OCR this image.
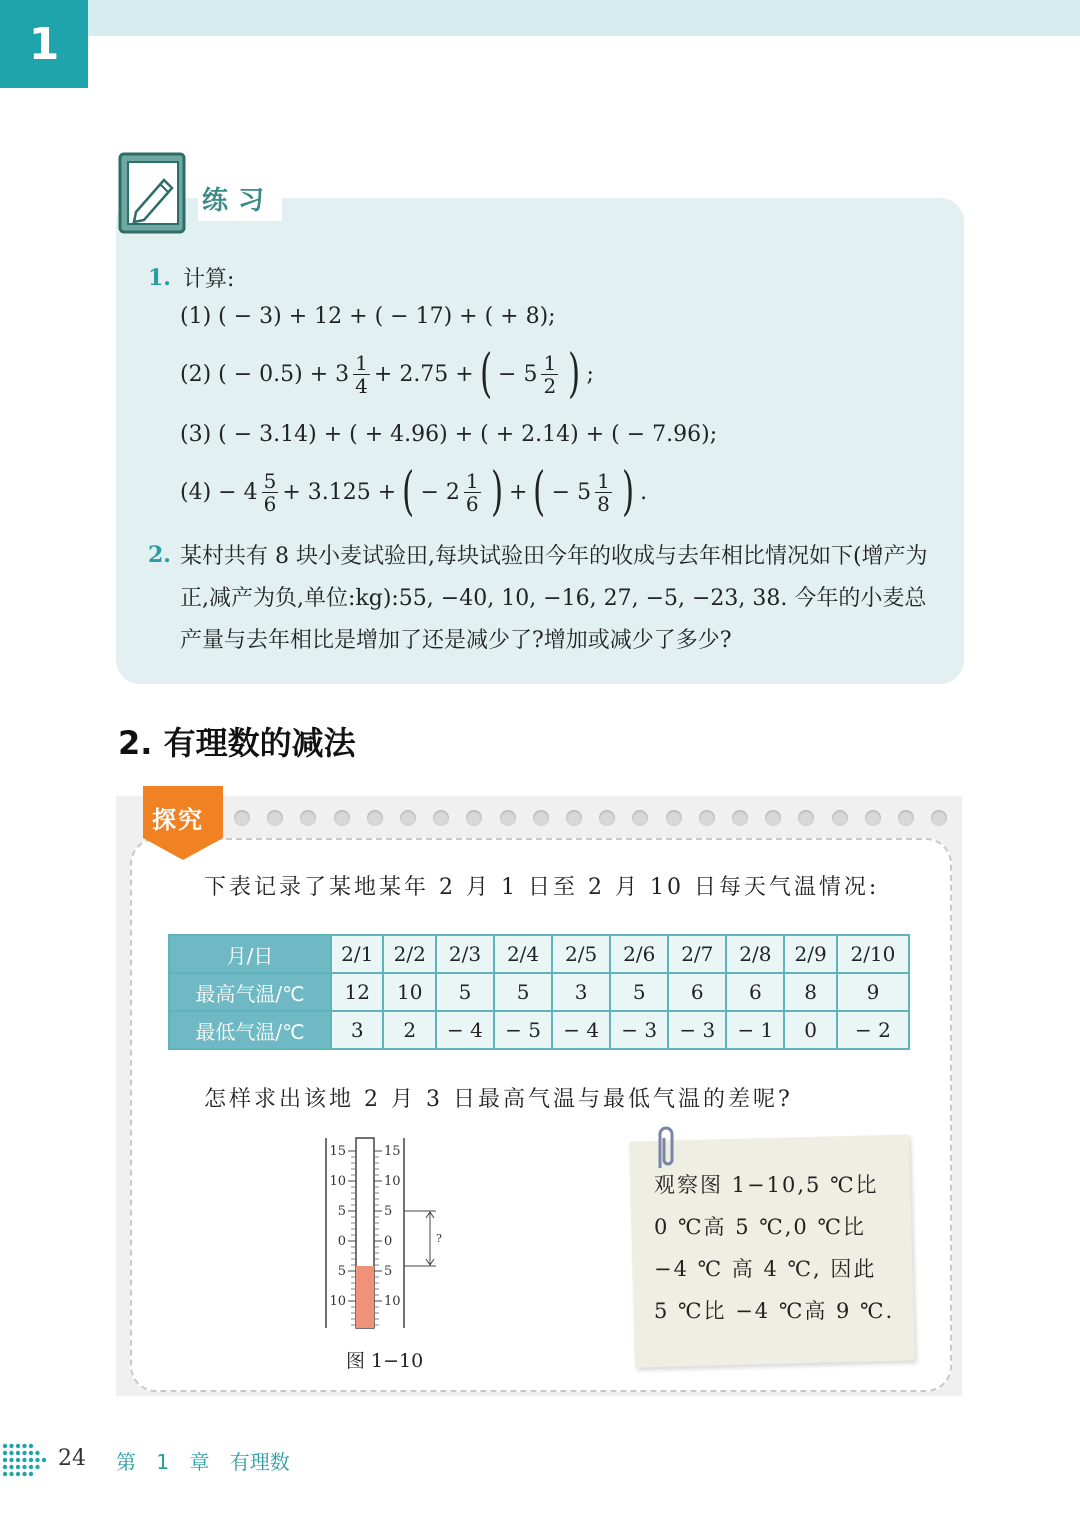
1
练习
1. 计算:
(1) ( − 3) + 12 + ( − 17) + ( + 8);
(2) ( − $0.5) + 3 \frac{1}{4} + 2.75$ + ( − $5 \frac{1}{2}$ ) ;
(3) ( − 3.14) + ( + 4.96) + ( + 2.14) + ( − 7.96);
$(4) - 4 \frac{5}{6} + 3.125$ + ( − $2 \frac{1}{6}$ ) + ( − $5 \frac{1}{8}$ ) .
2. 某村共有 8 块小麦试验田,每块试验田今年的收成与去年相比情况如下(增产为正,减产为负,单位:kg):55, −40, 10, −16, 27, −5, −23, 38. 今年的小麦总产量与去年相比是增加了还是减少了?增加或减少了多少?
2. 有理数的减法
探究
下表记录了某地某年 2 月 1 日至 2 月 10 日每天气温情况:
月/日	2/1	2/2	2/3	2/4	2/5	2/6	2/7	2/8	2/9	2/10
最高气温/℃	12	10	5	5	3	5	6	6	8	9
最低气温/℃	3	2	− 4	− 5	− 4	− 3	− 3	− 1	0	− 2
怎样求出该地 2 月 3 日最高气温与最低气温的差呢?
15	15
10	10
5	5
0	0
5	5
10	10
?
图 1−10
观察图 1−10,5 ℃比 0 ℃高 5 ℃,0 ℃比 −4 ℃ 高 4 ℃, 因此 5 ℃比 −4 ℃高 9 ℃.
24 第 1 章 有理数
